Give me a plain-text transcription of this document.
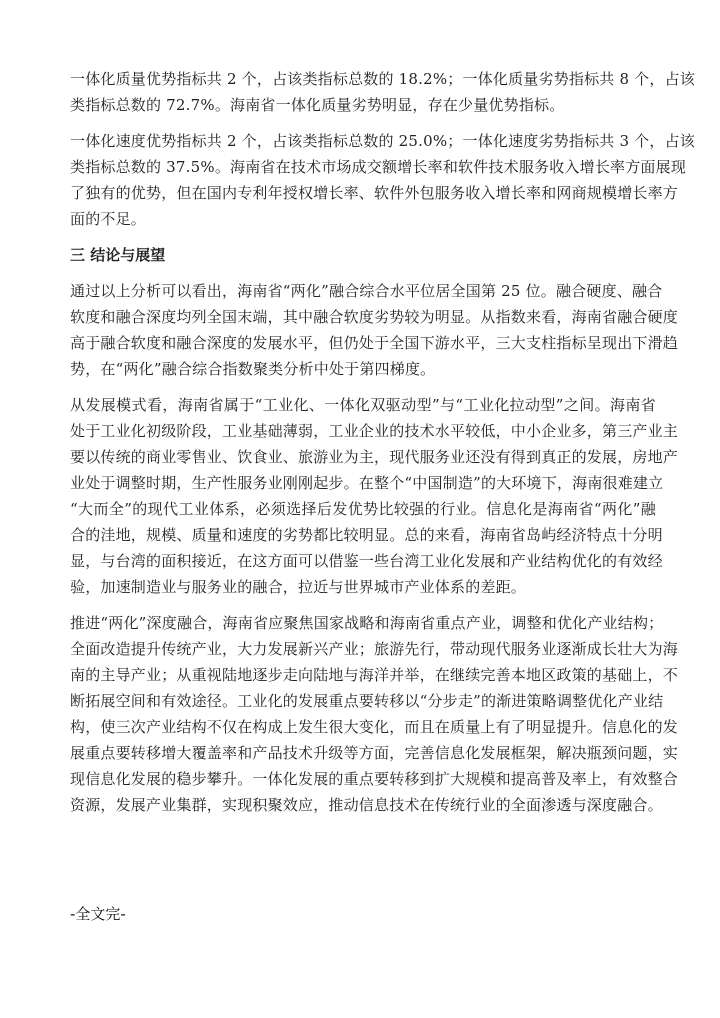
一体化质量优势指标共 2 个，占该类指标总数的 18.2%；一体化质量劣势指标共 8 个，占该
类指标总数的 72.7%。海南省一体化质量劣势明显，存在少量优势指标。
一体化速度优势指标共 2 个，占该类指标总数的 25.0%；一体化速度劣势指标共 3 个，占该
类指标总数的 37.5%。海南省在技术市场成交额增长率和软件技术服务收入增长率方面展现
了独有的优势，但在国内专利年授权增长率、软件外包服务收入增长率和网商规模增长率方
面的不足。
三 结论与展望
通过以上分析可以看出，海南省“两化”融合综合水平位居全国第 25 位。融合硬度、融合
软度和融合深度均列全国末端，其中融合软度劣势较为明显。从指数来看，海南省融合硬度
高于融合软度和融合深度的发展水平，但仍处于全国下游水平，三大支柱指标呈现出下滑趋
势，在“两化”融合综合指数聚类分析中处于第四梯度。
从发展模式看，海南省属于“工业化、一体化双驱动型”与“工业化拉动型”之间。海南省
处于工业化初级阶段，工业基础薄弱，工业企业的技术水平较低，中小企业多，第三产业主
要以传统的商业零售业、饮食业、旅游业为主，现代服务业还没有得到真正的发展，房地产
业处于调整时期，生产性服务业刚刚起步。在整个“中国制造”的大环境下，海南很难建立
“大而全”的现代工业体系，必须选择后发优势比较强的行业。信息化是海南省“两化”融
合的洼地，规模、质量和速度的劣势都比较明显。总的来看，海南省岛屿经济特点十分明
显，与台湾的面积接近，在这方面可以借鉴一些台湾工业化发展和产业结构优化的有效经
验，加速制造业与服务业的融合，拉近与世界城市产业体系的差距。
推进“两化”深度融合，海南省应聚焦国家战略和海南省重点产业，调整和优化产业结构；
全面改造提升传统产业，大力发展新兴产业；旅游先行，带动现代服务业逐渐成长壮大为海
南的主导产业；从重视陆地逐步走向陆地与海洋并举，在继续完善本地区政策的基础上，不
断拓展空间和有效途径。工业化的发展重点要转移以“分步走”的渐进策略调整优化产业结
构，使三次产业结构不仅在构成上发生很大变化，而且在质量上有了明显提升。信息化的发
展重点要转移增大覆盖率和产品技术升级等方面，完善信息化发展框架，解决瓶颈问题，实
现信息化发展的稳步攀升。一体化发展的重点要转移到扩大规模和提高普及率上，有效整合
资源，发展产业集群，实现积聚效应，推动信息技术在传统行业的全面渗透与深度融合。
-全文完-
